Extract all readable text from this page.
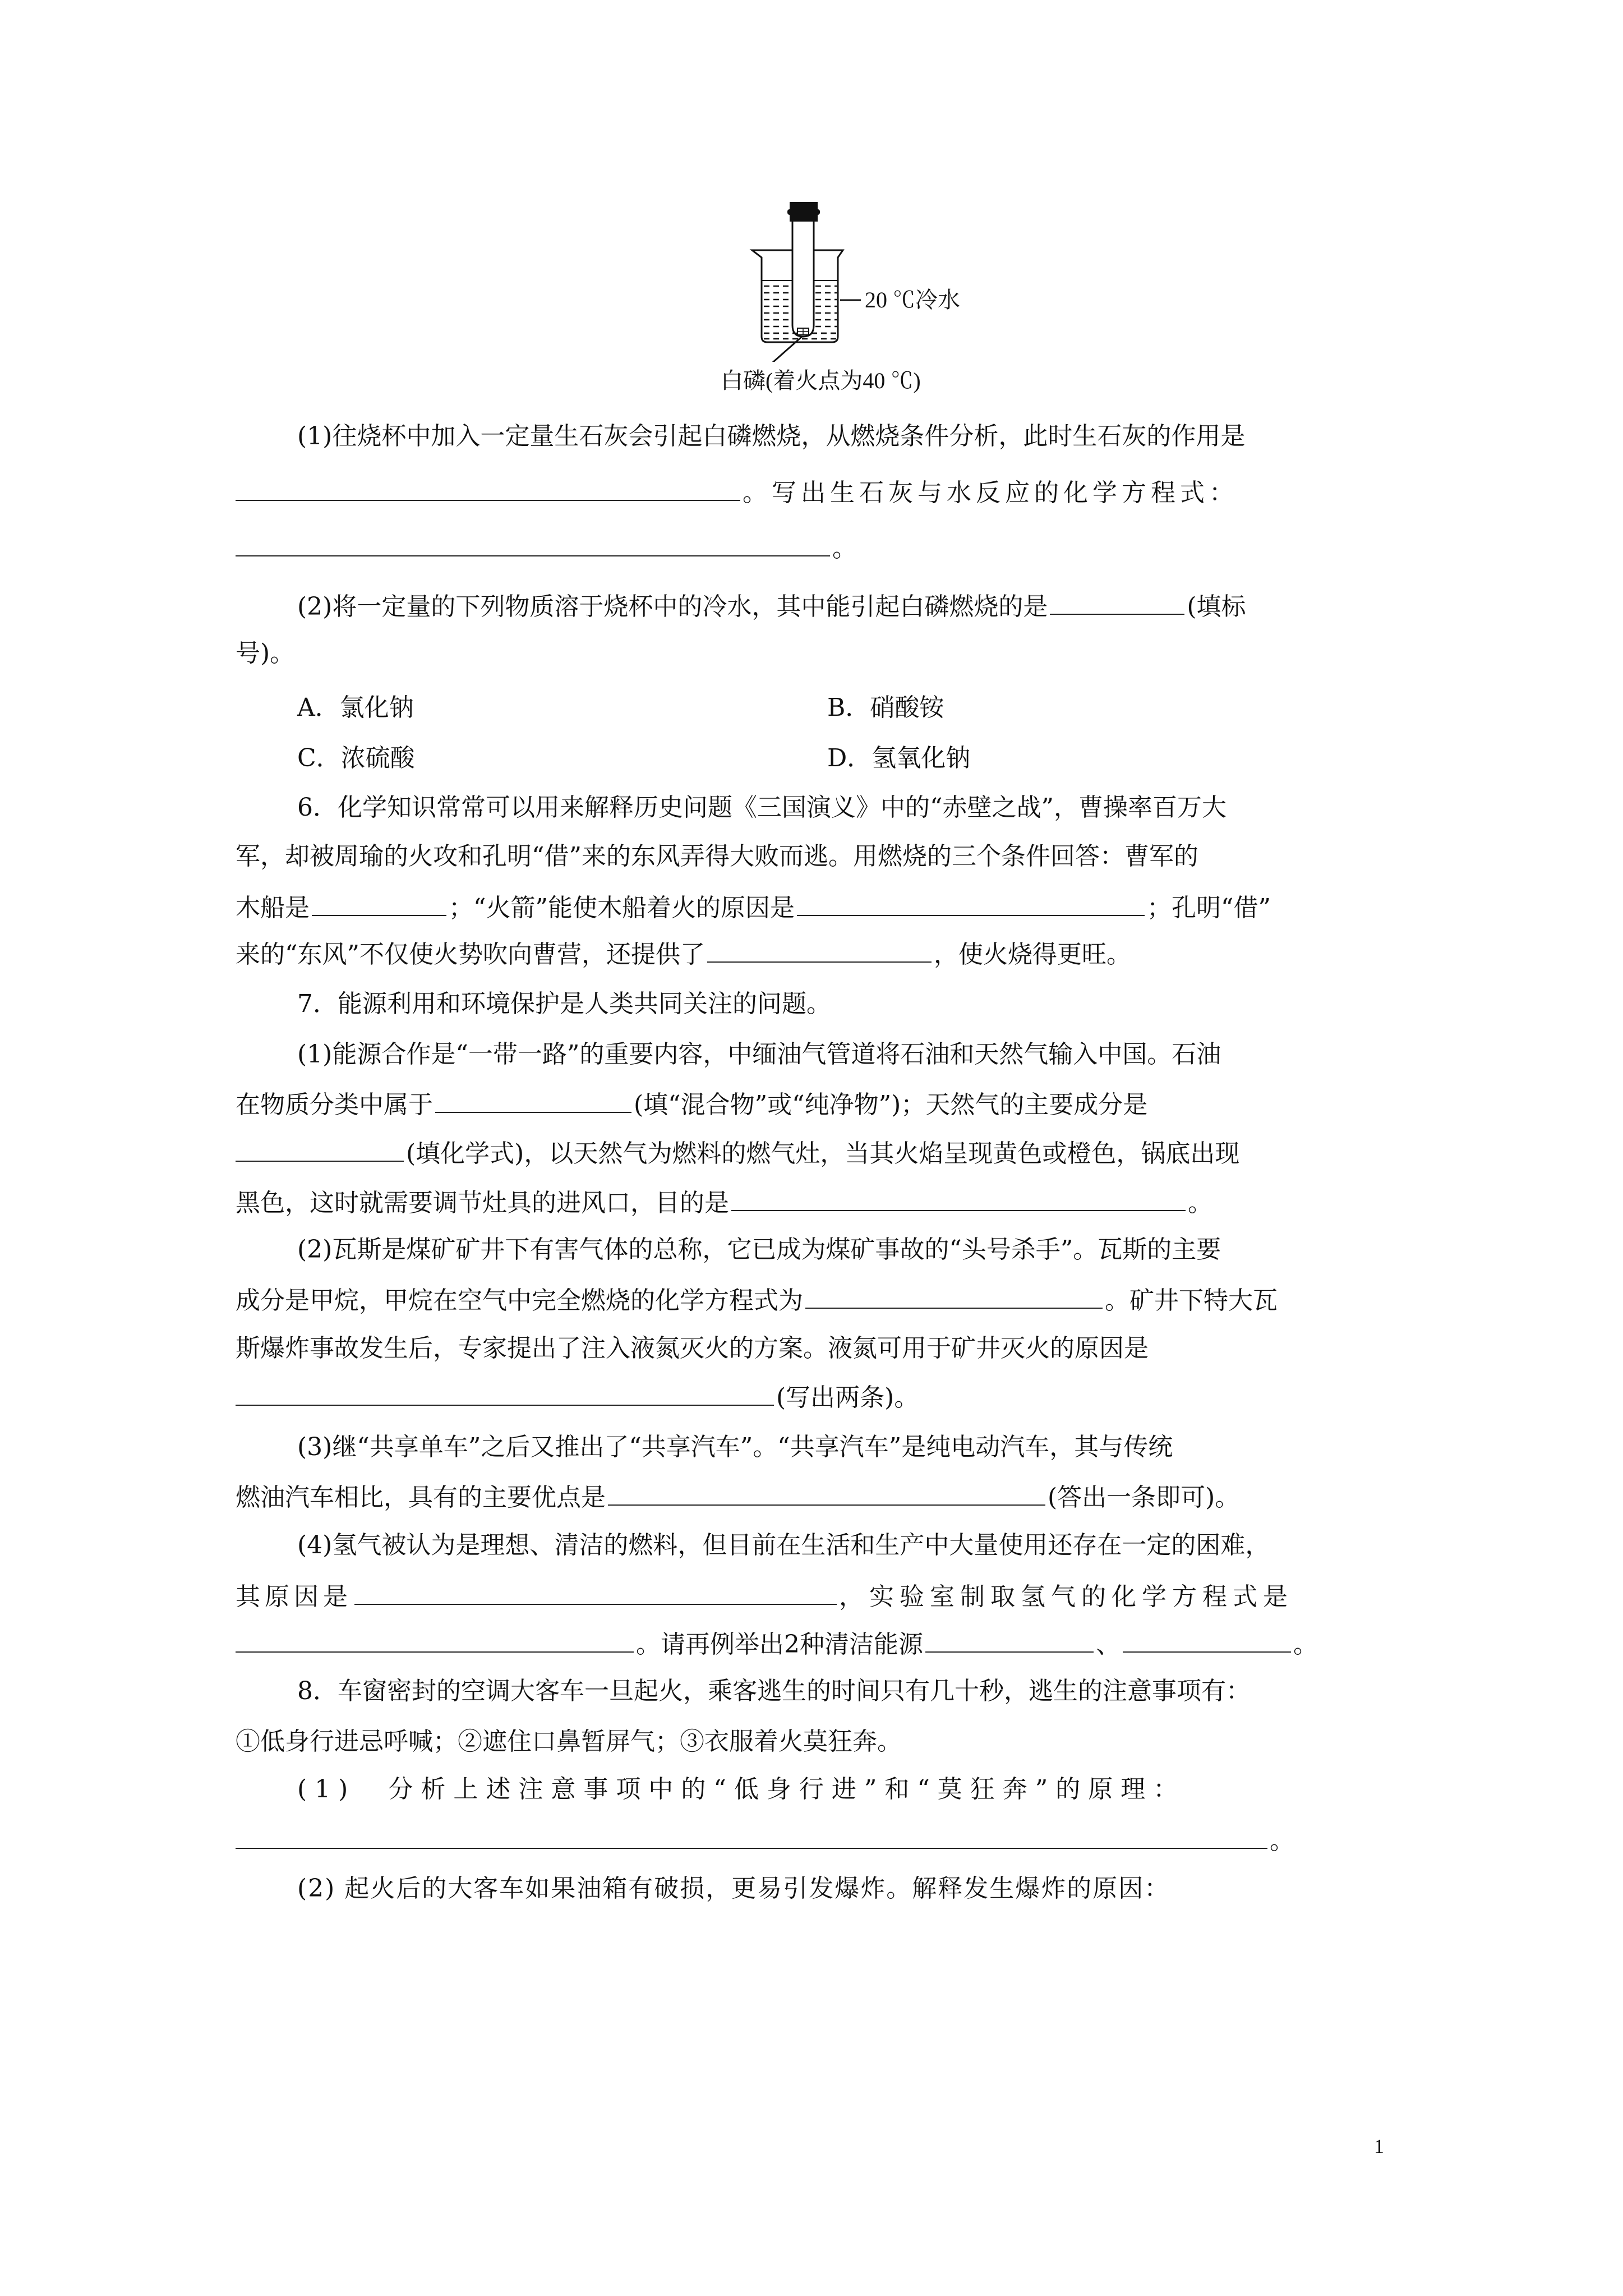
20 ℃冷水
白磷(着火点为40 ℃)
(1)往烧杯中加入一定量生石灰会引起白磷燃烧，从燃烧条件分析，此时生石灰的作用是
。写出生石灰与水反应的化学方程式：
。
(2)将一定量的下列物质溶于烧杯中的冷水，其中能引起白磷燃烧的是	(填标
号)。
A．氯化钠	B．硝酸铵
C．浓硫酸	D．氢氧化钠
6．化学知识常常可以用来解释历史问题《三国演义》中的“赤壁之战”，曹操率百万大
军，却被周瑜的火攻和孔明“借”来的东风弄得大败而逃。用燃烧的三个条件回答：曹军的
木船是	；“火箭”能使木船着火的原因是	；孔明“借”
来的“东风”不仅使火势吹向曹营，还提供了	，使火烧得更旺。
7．能源利用和环境保护是人类共同关注的问题。
(1)能源合作是“一带一路”的重要内容，中缅油气管道将石油和天然气输入中国。石油
在物质分类中属于	(填“混合物”或“纯净物”)；天然气的主要成分是
(填化学式)，以天然气为燃料的燃气灶，当其火焰呈现黄色或橙色，锅底出现
黑色，这时就需要调节灶具的进风口，目的是	。
(2)瓦斯是煤矿矿井下有害气体的总称，它已成为煤矿事故的“头号杀手”。瓦斯的主要
成分是甲烷，甲烷在空气中完全燃烧的化学方程式为	。矿井下特大瓦
斯爆炸事故发生后，专家提出了注入液氮灭火的方案。液氮可用于矿井灭火的原因是
(写出两条)。
(3)继“共享单车”之后又推出了“共享汽车”。“共享汽车”是纯电动汽车，其与传统
燃油汽车相比，具有的主要优点是	(答出一条即可)。
(4)氢气被认为是理想、清洁的燃料，但目前在生活和生产中大量使用还存在一定的困难，
其原因是	，实验室制取氢气的化学方程式是
。请再例举出2种清洁能源	、	。
8．车窗密封的空调大客车一旦起火，乘客逃生的时间只有几十秒，逃生的注意事项有：
①低身行进忌呼喊；②遮住口鼻暂屏气；③衣服着火莫狂奔。
(1)　分析上述注意事项中的“低身行进”和“莫狂奔”的原理：
。
(2) 起火后的大客车如果油箱有破损，更易引发爆炸。解释发生爆炸的原因：
1
